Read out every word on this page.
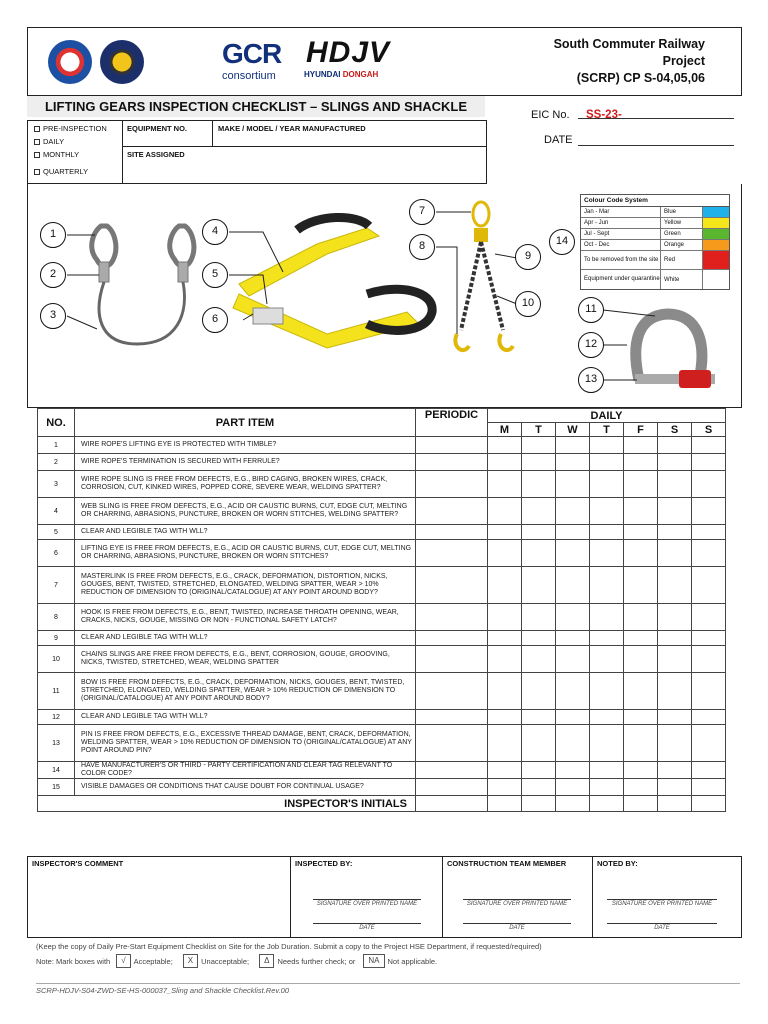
GCR
consortium
HDJV
HYUNDAI DONGAH
South Commuter Railway Project
(SCRP) CP S-04,05,06
LIFTING GEARS INSPECTION CHECKLIST – SLINGS AND SHACKLE
EIC No.	SS-23-
DATE
PRE-INSPECTION
DAILY
MONTHLY
QUARTERLY
EQUIPMENT NO.	MAKE / MODEL / YEAR MANUFACTURED
SITE ASSIGNED
1
2
3
4
5
6
7
8
9
10	11
12
13
14
Colour Code System
Jan - Mar	Blue
Apr - Jun	Yellow
Jul - Sept	Green
Oct - Dec	Orange
To be removed from the site Red
Equipment under quarantine White
NO.	PART ITEM	PERIODIC	DAILY						
			M	T	W	T	F	S	S
1	WIRE ROPE'S LIFTING EYE IS PROTECTED WITH TIMBLE?								
2	WIRE ROPE'S TERMINATION IS SECURED WITH FERRULE?								
3	WIRE ROPE SLING IS FREE FROM DEFECTS, E.G., BIRD CAGING, BROKEN WIRES, CRACK, CORROSION, CUT, KINKED WIRES, POPPED CORE, SEVERE WEAR, WELDING SPATTER?								
4	WEB SLING IS FREE FROM DEFECTS, E.G., ACID OR CAUSTIC BURNS, CUT, EDGE CUT, MELTING OR CHARRING, ABRASIONS, PUNCTURE, BROKEN OR WORN STITCHES, WELDING SPATTER?								
5	CLEAR AND LEGIBLE TAG WITH WLL?								
6	LIFTING EYE IS FREE FROM DEFECTS, E.G., ACID OR CAUSTIC BURNS, CUT, EDGE CUT, MELTING OR CHARRING, ABRASIONS, PUNCTURE, BROKEN OR WORN STITCHES?								
7	MASTERLINK IS FREE FROM DEFECTS, E.G., CRACK, DEFORMATION, DISTORTION, NICKS, GOUGES, BENT, TWISTED, STRETCHED, ELONGATED, WELDING SPATTER, WEAR > 10% REDUCTION OF DIMENSION TO (ORIGINAL/CATALOGUE) AT ANY POINT AROUND BODY?								
8	HOOK IS FREE FROM DEFECTS, E.G., BENT, TWISTED, INCREASE THROATH OPENING, WEAR, CRACKS, NICKS, GOUGE, MISSING OR NON - FUNCTIONAL SAFETY LATCH?								
9	CLEAR AND LEGIBLE TAG WITH WLL?								
10	CHAINS SLINGS ARE FREE FROM DEFECTS, E.G., BENT, CORROSION, GOUGE, GROOVING, NICKS, TWISTED, STRETCHED, WEAR, WELDING SPATTER								
11	BOW IS FREE FROM DEFECTS, E.G., CRACK, DEFORMATION, NICKS, GOUGES, BENT, TWISTED, STRETCHED, ELONGATED, WELDING SPATTER, WEAR > 10% REDUCTION OF DIMENSION TO (ORIGINAL/CATALOGUE) AT ANY POINT AROUND BODY?								
12	CLEAR AND LEGIBLE TAG WITH WLL?								
13	PIN IS FREE FROM DEFECTS, E.G., EXCESSIVE THREAD DAMAGE, BENT, CRACK, DEFORMATION, WELDING SPATTER, WEAR > 10% REDUCTION OF DIMENSION TO (ORIGINAL/CATALOGUE) AT ANY POINT AROUND PIN?								
14	HAVE MANUFACTURER'S OR THIRD - PARTY CERTIFICATION AND CLEAR TAG RELEVANT TO COLOR CODE?								
15	VISIBLE DAMAGES OR CONDITIONS THAT CAUSE DOUBT FOR CONTINUAL USAGE?								
INSPECTOR'S INITIALS									
INSPECTOR'S COMMENT	INSPECTED BY:
SIGNATURE OVER PRINTED NAME
DATE
CONSTRUCTION TEAM MEMBER
SIGNATURE OVER PRINTED NAME
DATE
NOTED BY:
SIGNATURE OVER PRINTED NAME
DATE
(Keep the copy of Daily Pre-Start Equipment Checklist on Site for the Job Duration. Submit a copy to the Project HSE Department, if requested/required)
Note: Mark boxes with	√	Acceptable;	X	Unacceptable;	Δ	Needs further check; or	NA	Not applicable.
SCRP-HDJV-S04-ZWD-SE-HS-000037_Sling and Shackle Checklist.Rev.00
